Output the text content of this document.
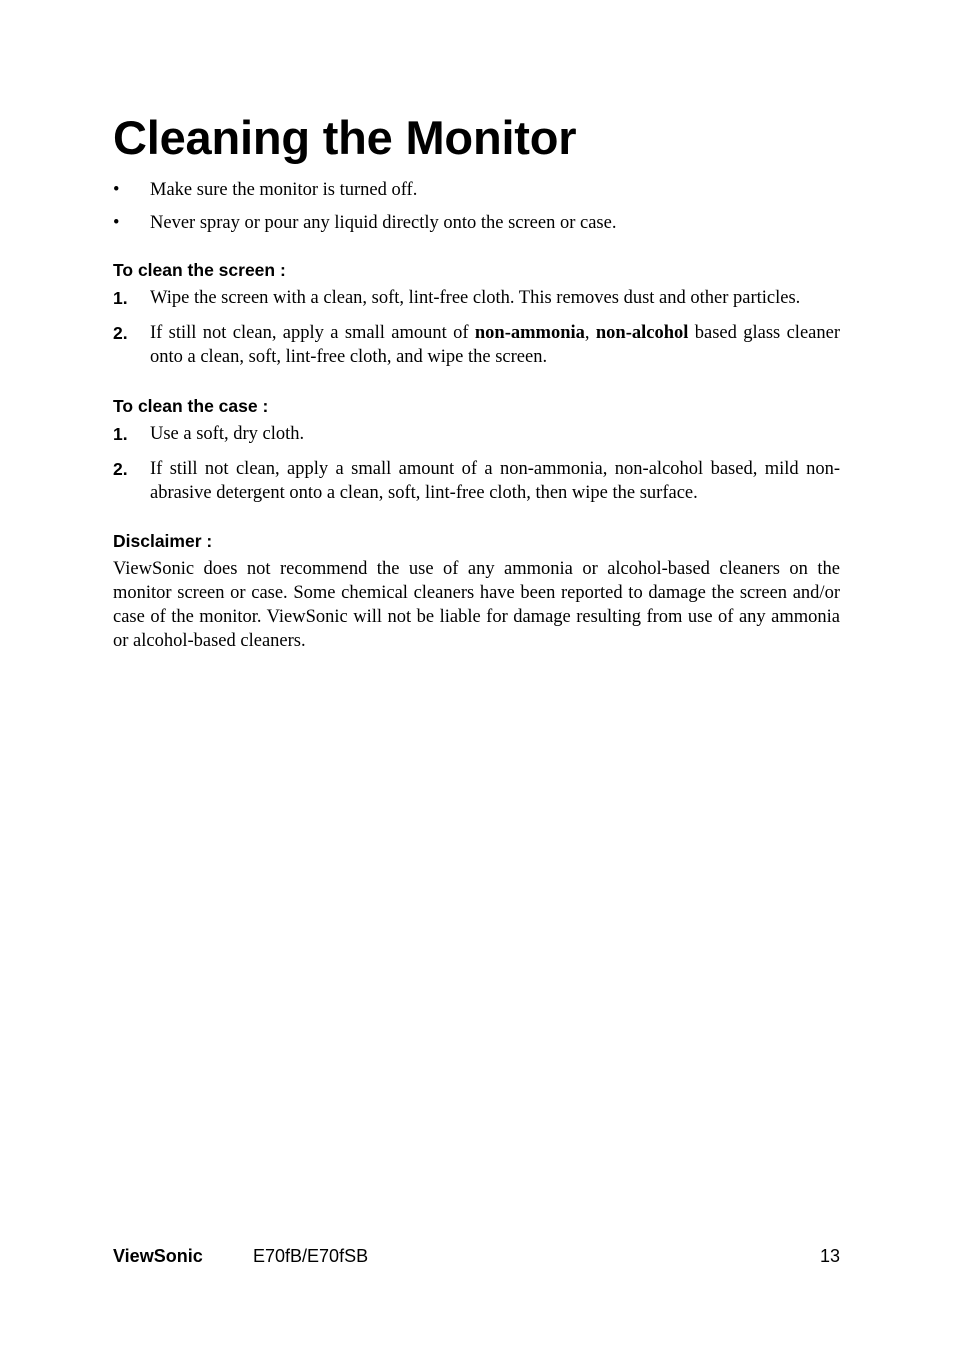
Cleaning the Monitor
•	Make sure the monitor is turned off.
•	Never spray or pour any liquid directly onto the screen or case.
To clean the screen :
1. Wipe the screen with a clean, soft, lint-free cloth. This removes dust and other particles.
2. If still not clean, apply a small amount of non-ammonia, non-alcohol based glass cleaner onto a clean, soft, lint-free cloth, and wipe the screen.
To clean the case :
1. Use a soft, dry cloth.
2. If still not clean, apply a small amount of a non-ammonia, non-alcohol based, mild non-abrasive detergent onto a clean, soft, lint-free cloth, then wipe the surface.
Disclaimer :
ViewSonic does not recommend the use of any ammonia or alcohol-based cleaners on the monitor screen or case. Some chemical cleaners have been reported to damage the screen and/or case of the monitor. ViewSonic will not be liable for damage resulting from use of any ammonia or alcohol-based cleaners.
ViewSonic	E70fB/E70fSB	13
